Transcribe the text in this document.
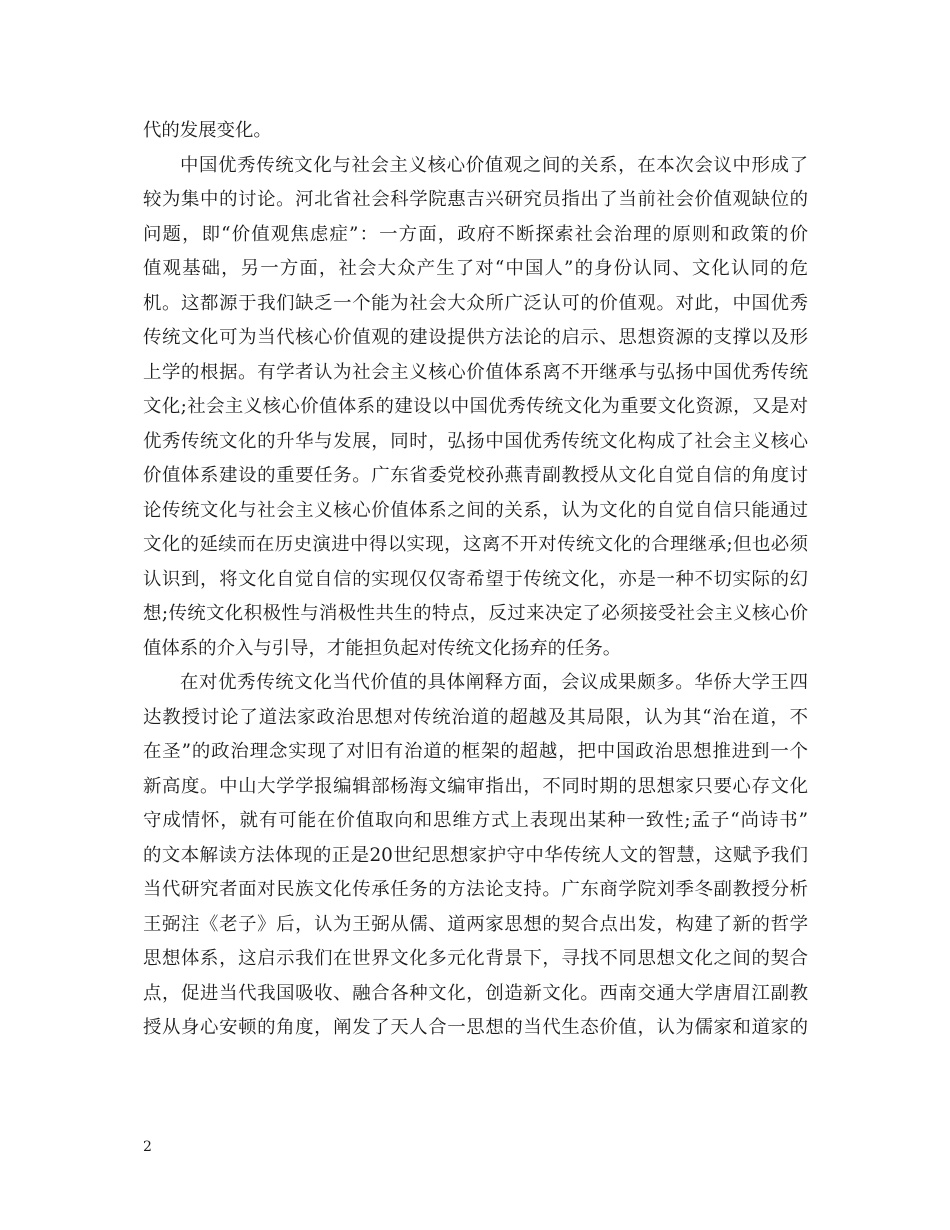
代的发展变化。
中国优秀传统文化与社会主义核心价值观之间的关系，在本次会议中形成了
较为集中的讨论。河北省社会科学院惠吉兴研究员指出了当前社会价值观缺位的
问题，即“价值观焦虑症”：一方面，政府不断探索社会治理的原则和政策的价
值观基础，另一方面，社会大众产生了对“中国人”的身份认同、文化认同的危
机。这都源于我们缺乏一个能为社会大众所广泛认可的价值观。对此，中国优秀
传统文化可为当代核心价值观的建设提供方法论的启示、思想资源的支撑以及形
上学的根据。有学者认为社会主义核心价值体系离不开继承与弘扬中国优秀传统
文化;社会主义核心价值体系的建设以中国优秀传统文化为重要文化资源，又是对
优秀传统文化的升华与发展，同时，弘扬中国优秀传统文化构成了社会主义核心
价值体系建设的重要任务。广东省委党校孙燕青副教授从文化自觉自信的角度讨
论传统文化与社会主义核心价值体系之间的关系，认为文化的自觉自信只能通过
文化的延续而在历史演进中得以实现，这离不开对传统文化的合理继承;但也必须
认识到，将文化自觉自信的实现仅仅寄希望于传统文化，亦是一种不切实际的幻
想;传统文化积极性与消极性共生的特点，反过来决定了必须接受社会主义核心价
值体系的介入与引导，才能担负起对传统文化扬弃的任务。
在对优秀传统文化当代价值的具体阐释方面，会议成果颇多。华侨大学王四
达教授讨论了道法家政治思想对传统治道的超越及其局限，认为其“治在道，不
在圣”的政治理念实现了对旧有治道的框架的超越，把中国政治思想推进到一个
新高度。中山大学学报编辑部杨海文编审指出，不同时期的思想家只要心存文化
守成情怀，就有可能在价值取向和思维方式上表现出某种一致性;孟子“尚诗书”
的文本解读方法体现的正是20世纪思想家护守中华传统人文的智慧，这赋予我们
当代研究者面对民族文化传承任务的方法论支持。广东商学院刘季冬副教授分析
王弼注《老子》后，认为王弼从儒、道两家思想的契合点出发，构建了新的哲学
思想体系，这启示我们在世界文化多元化背景下，寻找不同思想文化之间的契合
点，促进当代我国吸收、融合各种文化，创造新文化。西南交通大学唐眉江副教
授从身心安顿的角度，阐发了天人合一思想的当代生态价值，认为儒家和道家的
2
